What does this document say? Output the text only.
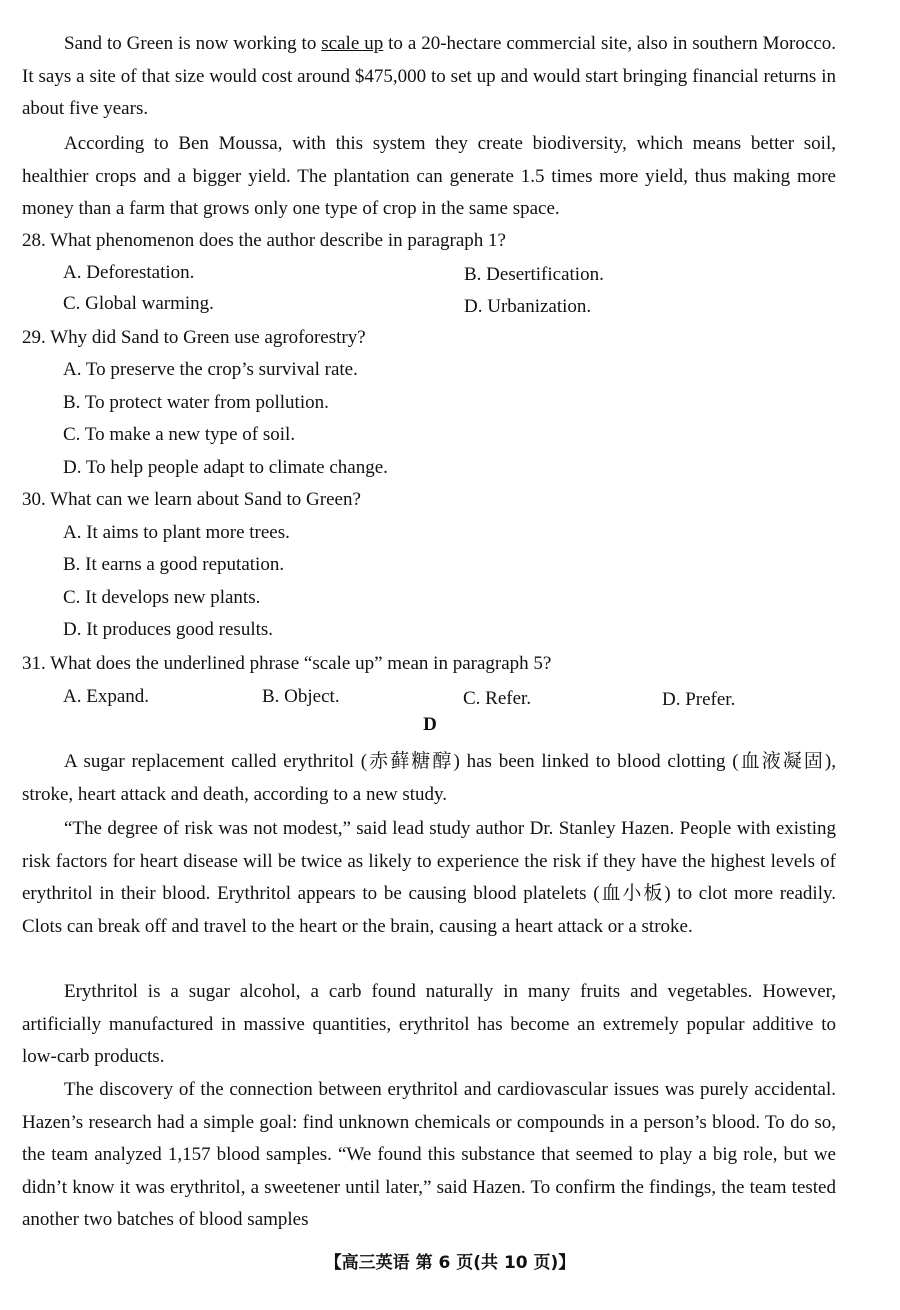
Sand to Green is now working to scale up to a 20-hectare commercial site, also in southern Morocco. It says a site of that size would cost around $475,000 to set up and would start bringing financial returns in about five years.

According to Ben Moussa, with this system they create biodiversity, which means better soil, healthier crops and a bigger yield. The plantation can generate 1.5 times more yield, thus making more money than a farm that grows only one type of crop in the same space.

28. What phenomenon does the author describe in paragraph 1?
A. Deforestation.	B. Desertification.
C. Global warming.	D. Urbanization.
29. Why did Sand to Green use agroforestry?
A. To preserve the crop’s survival rate.
B. To protect water from pollution.
C. To make a new type of soil.
D. To help people adapt to climate change.
30. What can we learn about Sand to Green?
A. It aims to plant more trees.
B. It earns a good reputation.
C. It develops new plants.
D. It produces good results.
31. What does the underlined phrase “scale up” mean in paragraph 5?
A. Expand.	B. Object.	C. Refer.	D. Prefer.
D

A sugar replacement called erythritol (赤藓糖醇) has been linked to blood clotting (血液凝固), stroke, heart attack and death, according to a new study.

“The degree of risk was not modest,” said lead study author Dr. Stanley Hazen. People with existing risk factors for heart disease will be twice as likely to experience the risk if they have the highest levels of erythritol in their blood. Erythritol appears to be causing blood platelets (血小板) to clot more readily. Clots can break off and travel to the heart or the brain, causing a heart attack or a stroke.

Erythritol is a sugar alcohol, a carb found naturally in many fruits and vegetables. However, artificially manufactured in massive quantities, erythritol has become an extremely popular additive to low-carb products.

The discovery of the connection between erythritol and cardiovascular issues was purely accidental. Hazen’s research had a simple goal: find unknown chemicals or compounds in a person’s blood. To do so, the team analyzed 1,157 blood samples. “We found this substance that seemed to play a big role, but we didn’t know it was erythritol, a sweetener until later,” said Hazen. To confirm the findings, the team tested another two batches of blood samples

【高三英语 第 6 页(共 10 页)】
